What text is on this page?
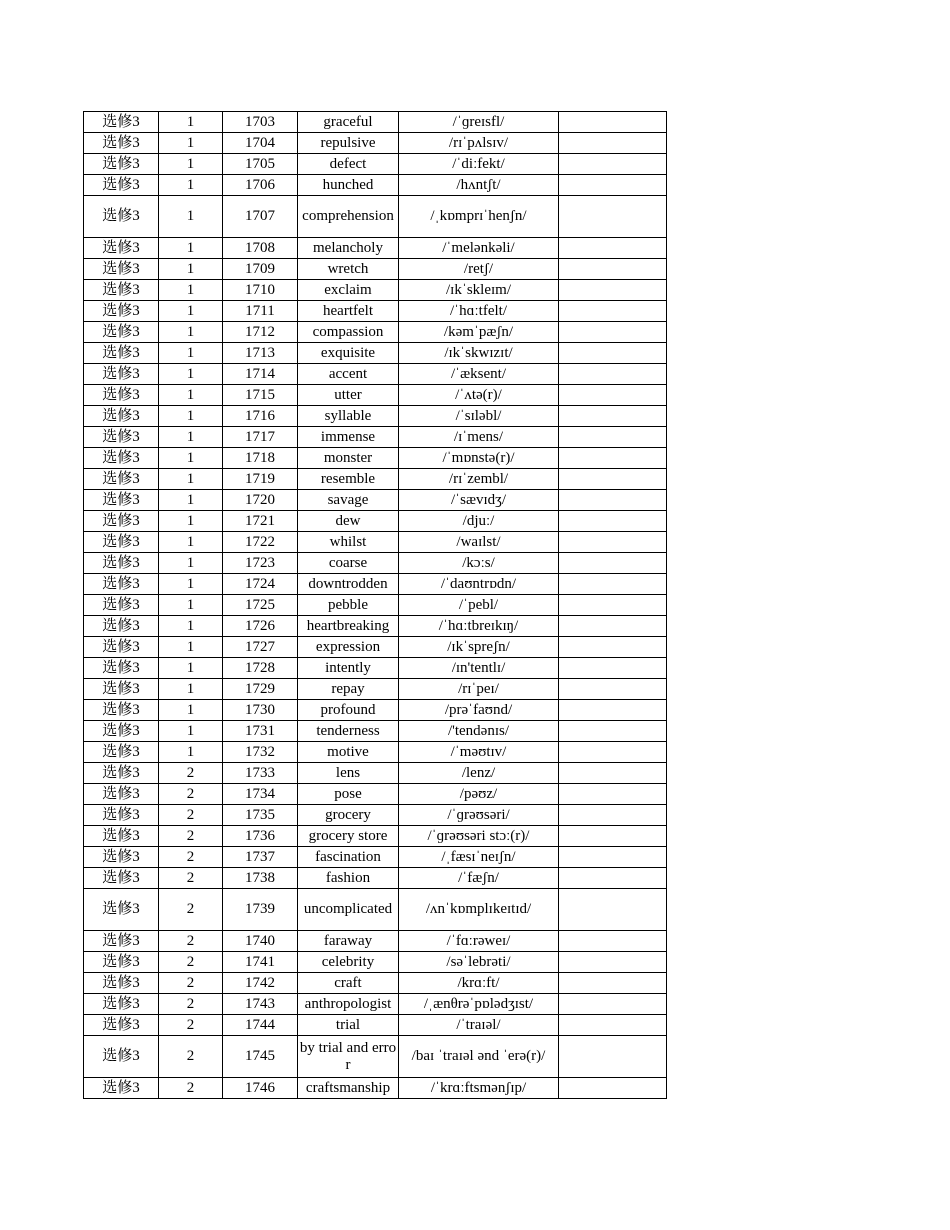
选修3	1	1703	graceful	/ˈɡreɪsfl/	
选修3	1	1704	repulsive	/rɪˈpʌlsɪv/	
选修3	1	1705	defect	/ˈdiːfekt/	
选修3	1	1706	hunched	/hʌntʃt/	
选修3	1	1707	comprehension	/ˌkɒmprɪˈhenʃn/	
选修3	1	1708	melancholy	/ˈmelənkəli/	
选修3	1	1709	wretch	/retʃ/	
选修3	1	1710	exclaim	/ɪkˈskleɪm/	
选修3	1	1711	heartfelt	/ˈhɑːtfelt/	
选修3	1	1712	compassion	/kəmˈpæʃn/	
选修3	1	1713	exquisite	/ɪkˈskwɪzɪt/	
选修3	1	1714	accent	/ˈæksent/	
选修3	1	1715	utter	/ˈʌtə(r)/	
选修3	1	1716	syllable	/ˈsɪləbl/	
选修3	1	1717	immense	/ɪˈmens/	
选修3	1	1718	monster	/ˈmɒnstə(r)/	
选修3	1	1719	resemble	/rɪˈzembl/	
选修3	1	1720	savage	/ˈsævɪdʒ/	
选修3	1	1721	dew	/djuː/	
选修3	1	1722	whilst	/waɪlst/	
选修3	1	1723	coarse	/kɔːs/	
选修3	1	1724	downtrodden	/ˈdaʊntrɒdn/	
选修3	1	1725	pebble	/ˈpebl/	
选修3	1	1726	heartbreaking	/ˈhɑːtbreɪkɪŋ/	
选修3	1	1727	expression	/ɪkˈspreʃn/	
选修3	1	1728	intently	/ɪn'tentlɪ/	
选修3	1	1729	repay	/rɪˈpeɪ/	
选修3	1	1730	profound	/prəˈfaʊnd/	
选修3	1	1731	tenderness	/'tendənɪs/	
选修3	1	1732	motive	/ˈməʊtɪv/	
选修3	2	1733	lens	/lenz/	
选修3	2	1734	pose	/pəʊz/	
选修3	2	1735	grocery	/ˈɡrəʊsəri/	
选修3	2	1736	grocery store	/ˈɡrəʊsəri stɔː(r)/	
选修3	2	1737	fascination	/ˌfæsɪˈneɪʃn/	
选修3	2	1738	fashion	/ˈfæʃn/	
选修3	2	1739	uncomplicated	/ʌnˈkɒmplɪkeɪtɪd/	
选修3	2	1740	faraway	/ˈfɑːrəweɪ/	
选修3	2	1741	celebrity	/səˈlebrəti/	
选修3	2	1742	craft	/krɑːft/	
选修3	2	1743	anthropologist	/ˌænθrəˈpɒlədʒɪst/	
选修3	2	1744	trial	/ˈtraɪəl/	
选修3	2	1745	by trial and error	/baɪ ˈtraɪəl ənd ˈerə(r)/	
选修3	2	1746	craftsmanship	/ˈkrɑːftsmənʃɪp/	
